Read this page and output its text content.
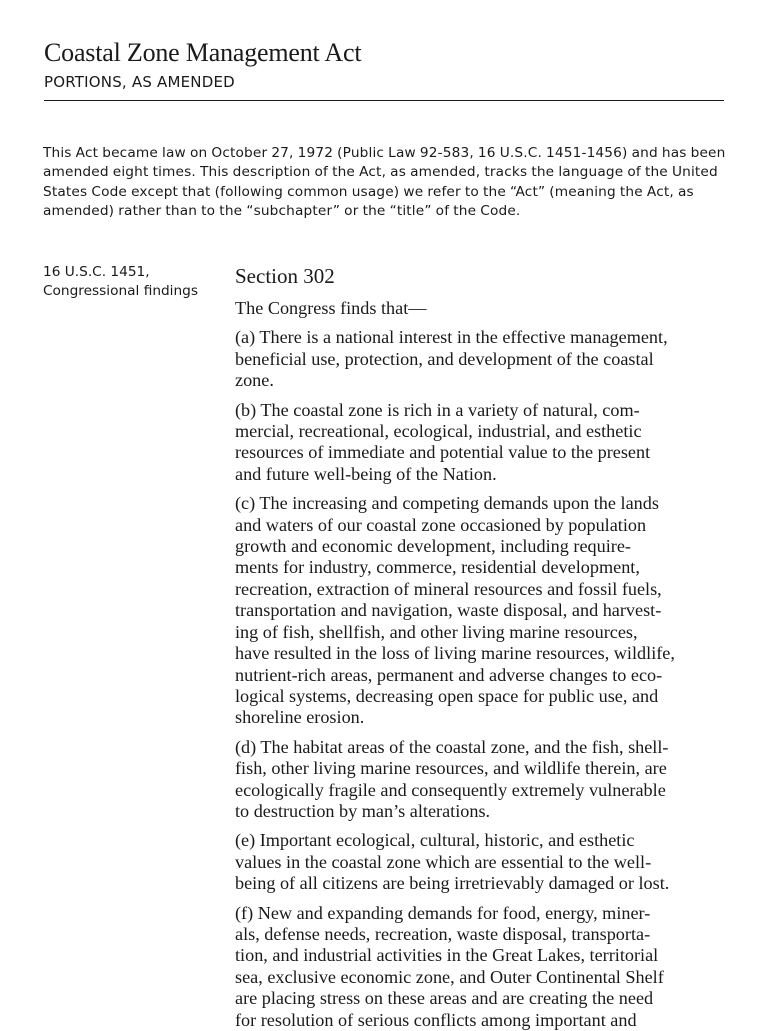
Coastal Zone Management Act
PORTIONS, AS AMENDED

This Act became law on October 27, 1972 (Public Law 92-583, 16 U.S.C. 1451-1456) and has been amended eight times. This description of the Act, as amended, tracks the language of the United States Code except that (following common usage) we refer to the “Act” (meaning the Act, as amended) rather than to the “subchapter” or the “title” of the Code.

16 U.S.C. 1451,
Congressional findings
Section 302

The Congress finds that—

(a) There is a national interest in the effective management,
beneficial use, protection, and development of the coastal
zone.

(b) The coastal zone is rich in a variety of natural, com-
mercial, recreational, ecological, industrial, and esthetic
resources of immediate and potential value to the present
and future well-being of the Nation.

(c) The increasing and competing demands upon the lands
and waters of our coastal zone occasioned by population
growth and economic development, including require-
ments for industry, commerce, residential development,
recreation, extraction of mineral resources and fossil fuels,
transportation and navigation, waste disposal, and harvest-
ing of fish, shellfish, and other living marine resources,
have resulted in the loss of living marine resources, wildlife,
nutrient-rich areas, permanent and adverse changes to eco-
logical systems, decreasing open space for public use, and
shoreline erosion.

(d) The habitat areas of the coastal zone, and the fish, shell-
fish, other living marine resources, and wildlife therein, are
ecologically fragile and consequently extremely vulnerable
to destruction by man’s alterations.

(e) Important ecological, cultural, historic, and esthetic
values in the coastal zone which are essential to the well-
being of all citizens are being irretrievably damaged or lost.

(f) New and expanding demands for food, energy, miner-
als, defense needs, recreation, waste disposal, transporta-
tion, and industrial activities in the Great Lakes, territorial
sea, exclusive economic zone, and Outer Continental Shelf
are placing stress on these areas and are creating the need
for resolution of serious conflicts among important and
